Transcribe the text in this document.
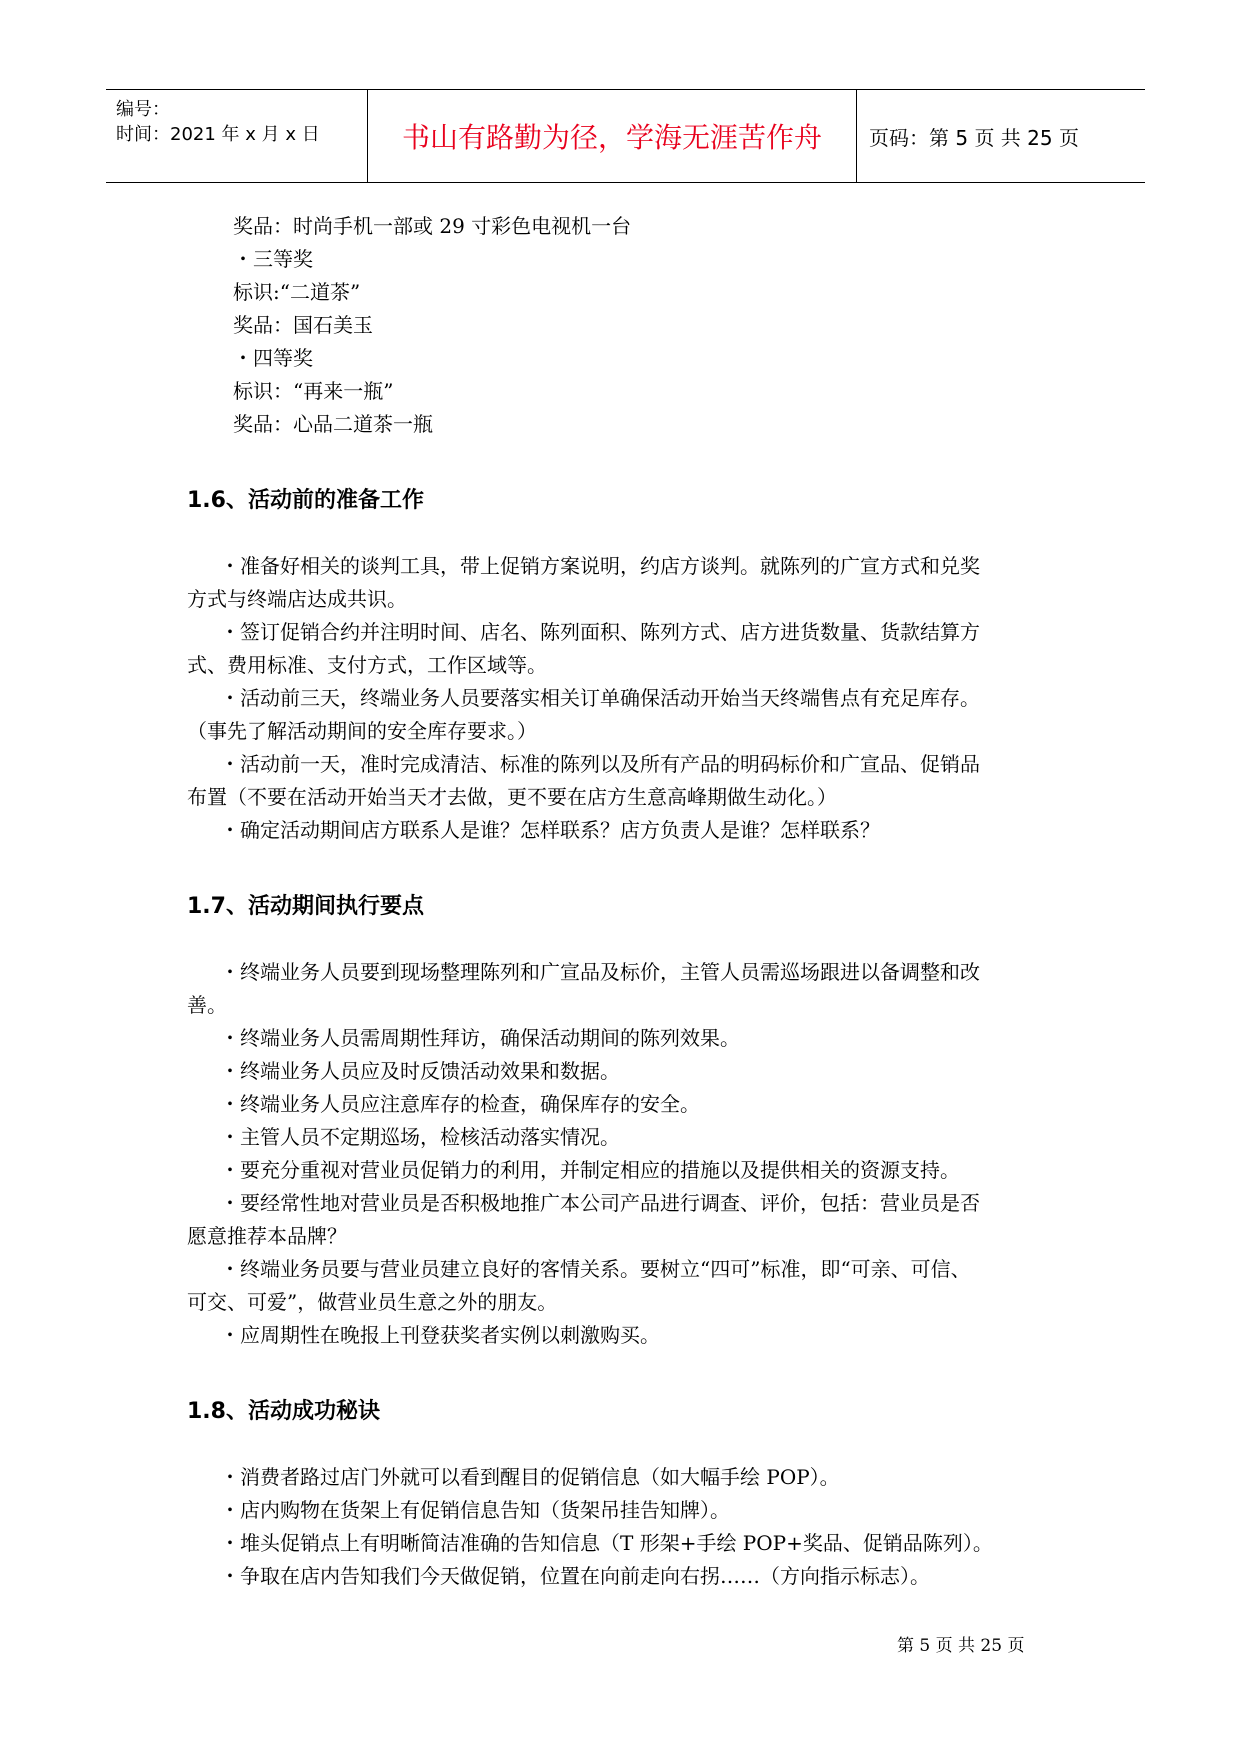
编号：
时间：2021 年 x 月 x 日	书山有路勤为径，学海无涯苦作舟	页码：第 5 页 共 25 页
奖品：时尚手机一部或 29 寸彩色电视机一台
・三等奖
标识:“二道茶”
奖品：国石美玉
・四等奖
标识：“再来一瓶”
奖品：心品二道茶一瓶
1.6、活动前的准备工作
・准备好相关的谈判工具，带上促销方案说明，约店方谈判。就陈列的广宣方式和兑奖
方式与终端店达成共识。
・签订促销合约并注明时间、店名、陈列面积、陈列方式、店方进货数量、货款结算方
式、费用标准、支付方式，工作区域等。
・活动前三天，终端业务人员要落实相关订单确保活动开始当天终端售点有充足库存。
（事先了解活动期间的安全库存要求。）
・活动前一天，准时完成清洁、标准的陈列以及所有产品的明码标价和广宣品、促销品
布置（不要在活动开始当天才去做，更不要在店方生意高峰期做生动化。）
・确定活动期间店方联系人是谁？怎样联系？店方负责人是谁？怎样联系？
1.7、活动期间执行要点
・终端业务人员要到现场整理陈列和广宣品及标价，主管人员需巡场跟进以备调整和改
善。
・终端业务人员需周期性拜访，确保活动期间的陈列效果。
・终端业务人员应及时反馈活动效果和数据。
・终端业务人员应注意库存的检查，确保库存的安全。
・主管人员不定期巡场，检核活动落实情况。
・要充分重视对营业员促销力的利用，并制定相应的措施以及提供相关的资源支持。
・要经常性地对营业员是否积极地推广本公司产品进行调查、评价，包括：营业员是否
愿意推荐本品牌？
・终端业务员要与营业员建立良好的客情关系。要树立“四可”标准，即“可亲、可信、
可交、可爱”，做营业员生意之外的朋友。
・应周期性在晚报上刊登获奖者实例以刺激购买。
1.8、活动成功秘诀
・消费者路过店门外就可以看到醒目的促销信息（如大幅手绘 POP）。
・店内购物在货架上有促销信息告知（货架吊挂告知牌）。
・堆头促销点上有明晰简洁准确的告知信息（T 形架+手绘 POP+奖品、促销品陈列）。
・争取在店内告知我们今天做促销，位置在向前走向右拐……（方向指示标志）。
第 5 页 共 25 页
